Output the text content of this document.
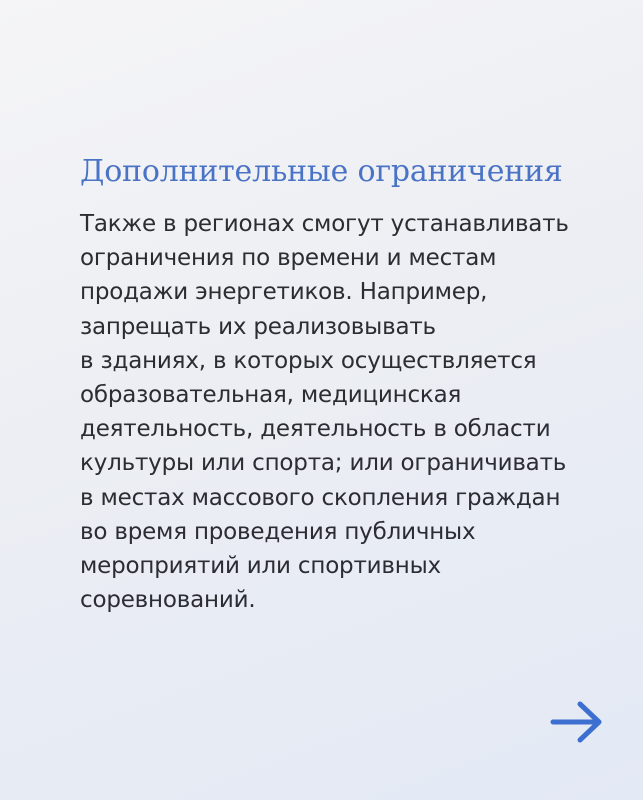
Дополнительные ограничения

Также в регионах смогут устанавливать
ограничения по времени и местам
продажи энергетиков. Например,
запрещать их реализовывать
в зданиях, в которых осуществляется
образовательная, медицинская
деятельность, деятельность в области
культуры или спорта; или ограничивать
в местах массового скопления граждан
во время проведения публичных
мероприятий или спортивных
соревнований.
